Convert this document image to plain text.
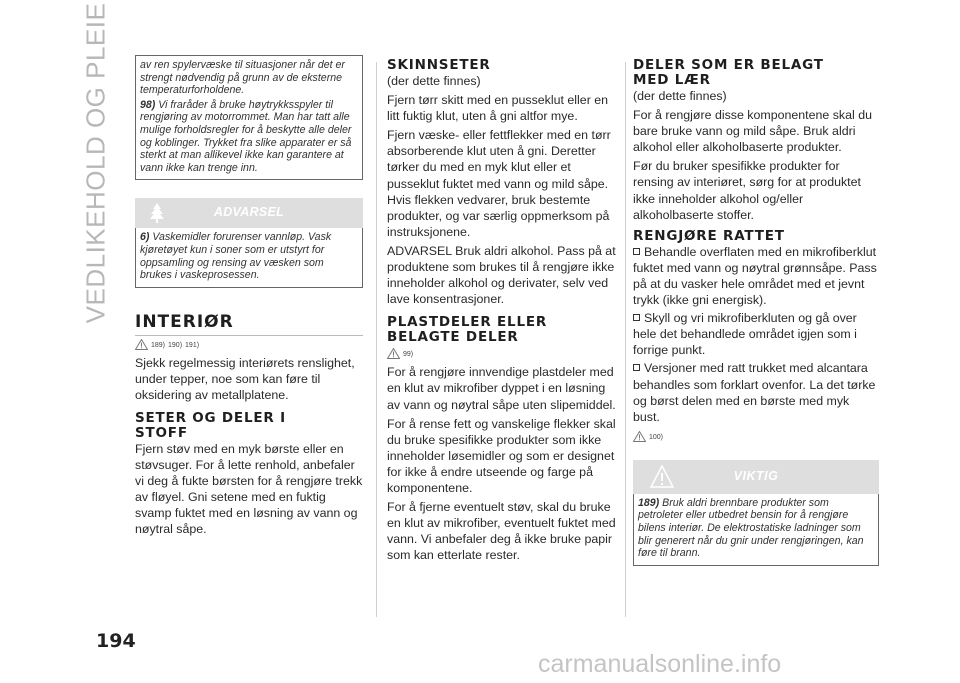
VEDLIKEHOLD OG PLEIE	av ren spylervæske til situasjoner når det er strengt nødvendig på grunn av de eksterne temperaturforholdene.

98) Vi fraråder å bruke høytrykksspyler til rengjøring av motorrommet. Man har tatt alle mulige forholdsregler for å beskytte alle deler og koblinger. Trykket fra slike apparater er så sterkt at man allikevel ikke kan garantere at vann ikke kan trenge inn.

ADVARSEL

6) Vaskemidler forurenser vannløp. Vask kjøretøyet kun i soner som er utstyrt for oppsamling og rensing av væsken som brukes i vaskeprosessen.

INTERIØR
189) 190) 191)

Sjekk regelmessig interiørets renslighet, under tepper, noe som kan føre til oksidering av metallplatene.

SETER OG DELER I
STOFF

Fjern støv med en myk børste eller en støvsuger. For å lette renhold, anbefaler vi deg å fukte børsten for å rengjøre trekk av fløyel. Gni setene med en fuktig svamp fuktet med en løsning av vann og nøytral såpe.

SKINNSETER

(der dette finnes)

Fjern tørr skitt med en pusseklut eller en litt fuktig klut, uten å gni altfor mye.

Fjern væske- eller fettflekker med en tørr absorberende klut uten å gni. Deretter tørker du med en myk klut eller et pusseklut fuktet med vann og mild såpe. Hvis flekken vedvarer, bruk bestemte produkter, og var særlig oppmerksom på instruksjonene.

ADVARSEL Bruk aldri alkohol. Pass på at produktene som brukes til å rengjøre ikke inneholder alkohol og derivater, selv ved lave konsentrasjoner.

PLASTDELER ELLER
BELAGTE DELER
99)

For å rengjøre innvendige plastdeler med en klut av mikrofiber dyppet i en løsning av vann og nøytral såpe uten slipemiddel.

For å rense fett og vanskelige flekker skal du bruke spesifikke produkter som ikke inneholder løsemidler og som er designet for ikke å endre utseende og farge på komponentene.

For å fjerne eventuelt støv, skal du bruke en klut av mikrofiber, eventuelt fuktet med vann. Vi anbefaler deg å ikke bruke papir som kan etterlate rester.

DELER SOM ER BELAGT
MED LÆR

(der dette finnes)

For å rengjøre disse komponentene skal du bare bruke vann og mild såpe. Bruk aldri alkohol eller alkoholbaserte produkter.

Før du bruker spesifikke produkter for rensing av interiøret, sørg for at produktet ikke inneholder alkohol og/eller alkoholbaserte stoffer.

RENGJØRE RATTET

Behandle overflaten med en mikrofiberklut fuktet med vann og nøytral grønnsåpe. Pass på at du vasker hele området med et jevnt trykk (ikke gni energisk).

Skyll og vri mikrofiberkluten og gå over hele det behandlede området igjen som i forrige punkt.

Versjoner med ratt trukket med alcantara behandles som forklart ovenfor. La det tørke og børst delen med en børste med myk bust.

100)
VIKTIG

189) Bruk aldri brennbare produkter som petroleter eller utbedret bensin for å rengjøre bilens interiør. De elektrostatiske ladninger som blir generert når du gnir under rengjøringen, kan føre til brann.

194
carmanualsonline.info
